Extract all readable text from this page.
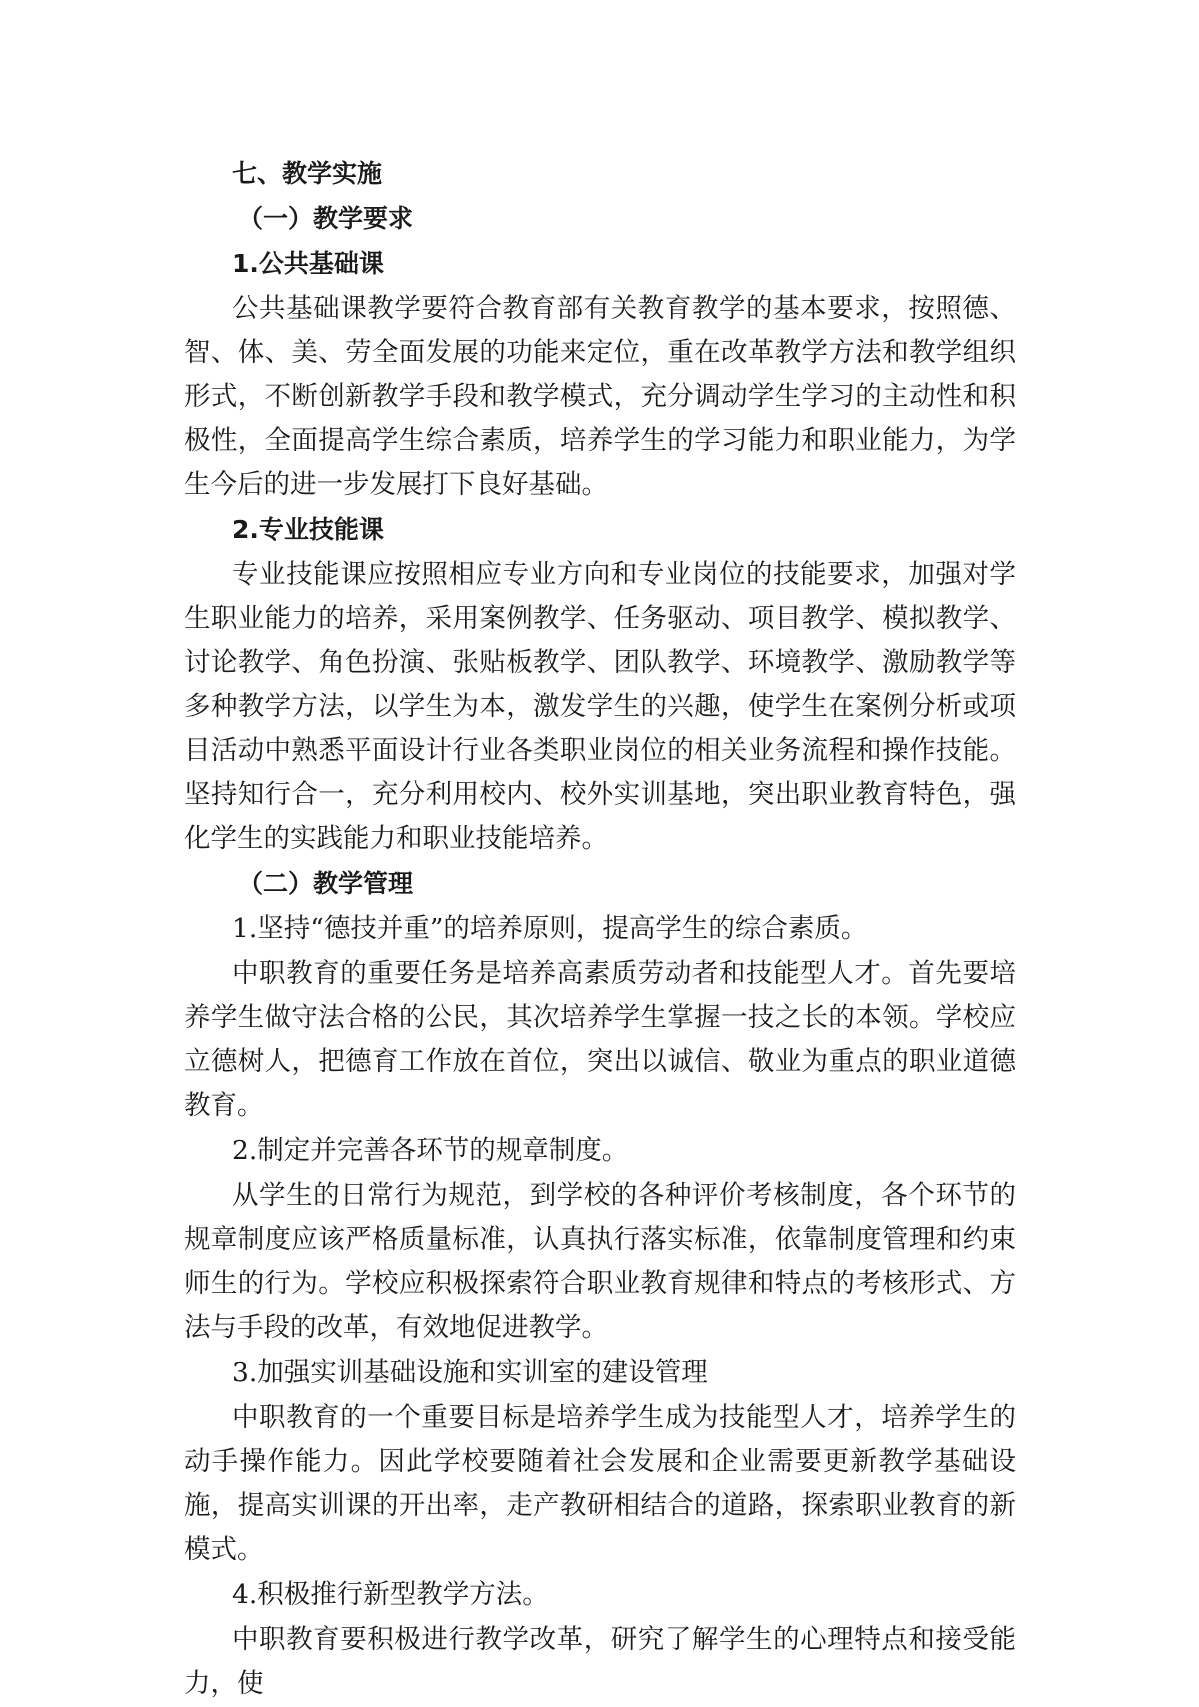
七、教学实施
（一）教学要求
1.公共基础课

公共基础课教学要符合教育部有关教育教学的基本要求，按照德、智、体、美、劳全面发展的功能来定位，重在改革教学方法和教学组织形式，不断创新教学手段和教学模式，充分调动学生学习的主动性和积极性，全面提高学生综合素质，培养学生的学习能力和职业能力，为学生今后的进一步发展打下良好基础。

2.专业技能课

专业技能课应按照相应专业方向和专业岗位的技能要求，加强对学生职业能力的培养，采用案例教学、任务驱动、项目教学、模拟教学、讨论教学、角色扮演、张贴板教学、团队教学、环境教学、激励教学等多种教学方法，以学生为本，激发学生的兴趣，使学生在案例分析或项目活动中熟悉平面设计行业各类职业岗位的相关业务流程和操作技能。坚持知行合一，充分利用校内、校外实训基地，突出职业教育特色，强化学生的实践能力和职业技能培养。

（二）教学管理
1.坚持“德技并重”的培养原则，提高学生的综合素质。

中职教育的重要任务是培养高素质劳动者和技能型人才。首先要培养学生做守法合格的公民，其次培养学生掌握一技之长的本领。学校应立德树人，把德育工作放在首位，突出以诚信、敬业为重点的职业道德教育。

2.制定并完善各环节的规章制度。

从学生的日常行为规范，到学校的各种评价考核制度，各个环节的规章制度应该严格质量标准，认真执行落实标准，依靠制度管理和约束师生的行为。学校应积极探索符合职业教育规律和特点的考核形式、方法与手段的改革，有效地促进教学。

3.加强实训基础设施和实训室的建设管理

中职教育的一个重要目标是培养学生成为技能型人才，培养学生的动手操作能力。因此学校要随着社会发展和企业需要更新教学基础设施，提高实训课的开出率，走产教研相结合的道路，探索职业教育的新模式。

4.积极推行新型教学方法。

中职教育要积极进行教学改革，研究了解学生的心理特点和接受能力，使
